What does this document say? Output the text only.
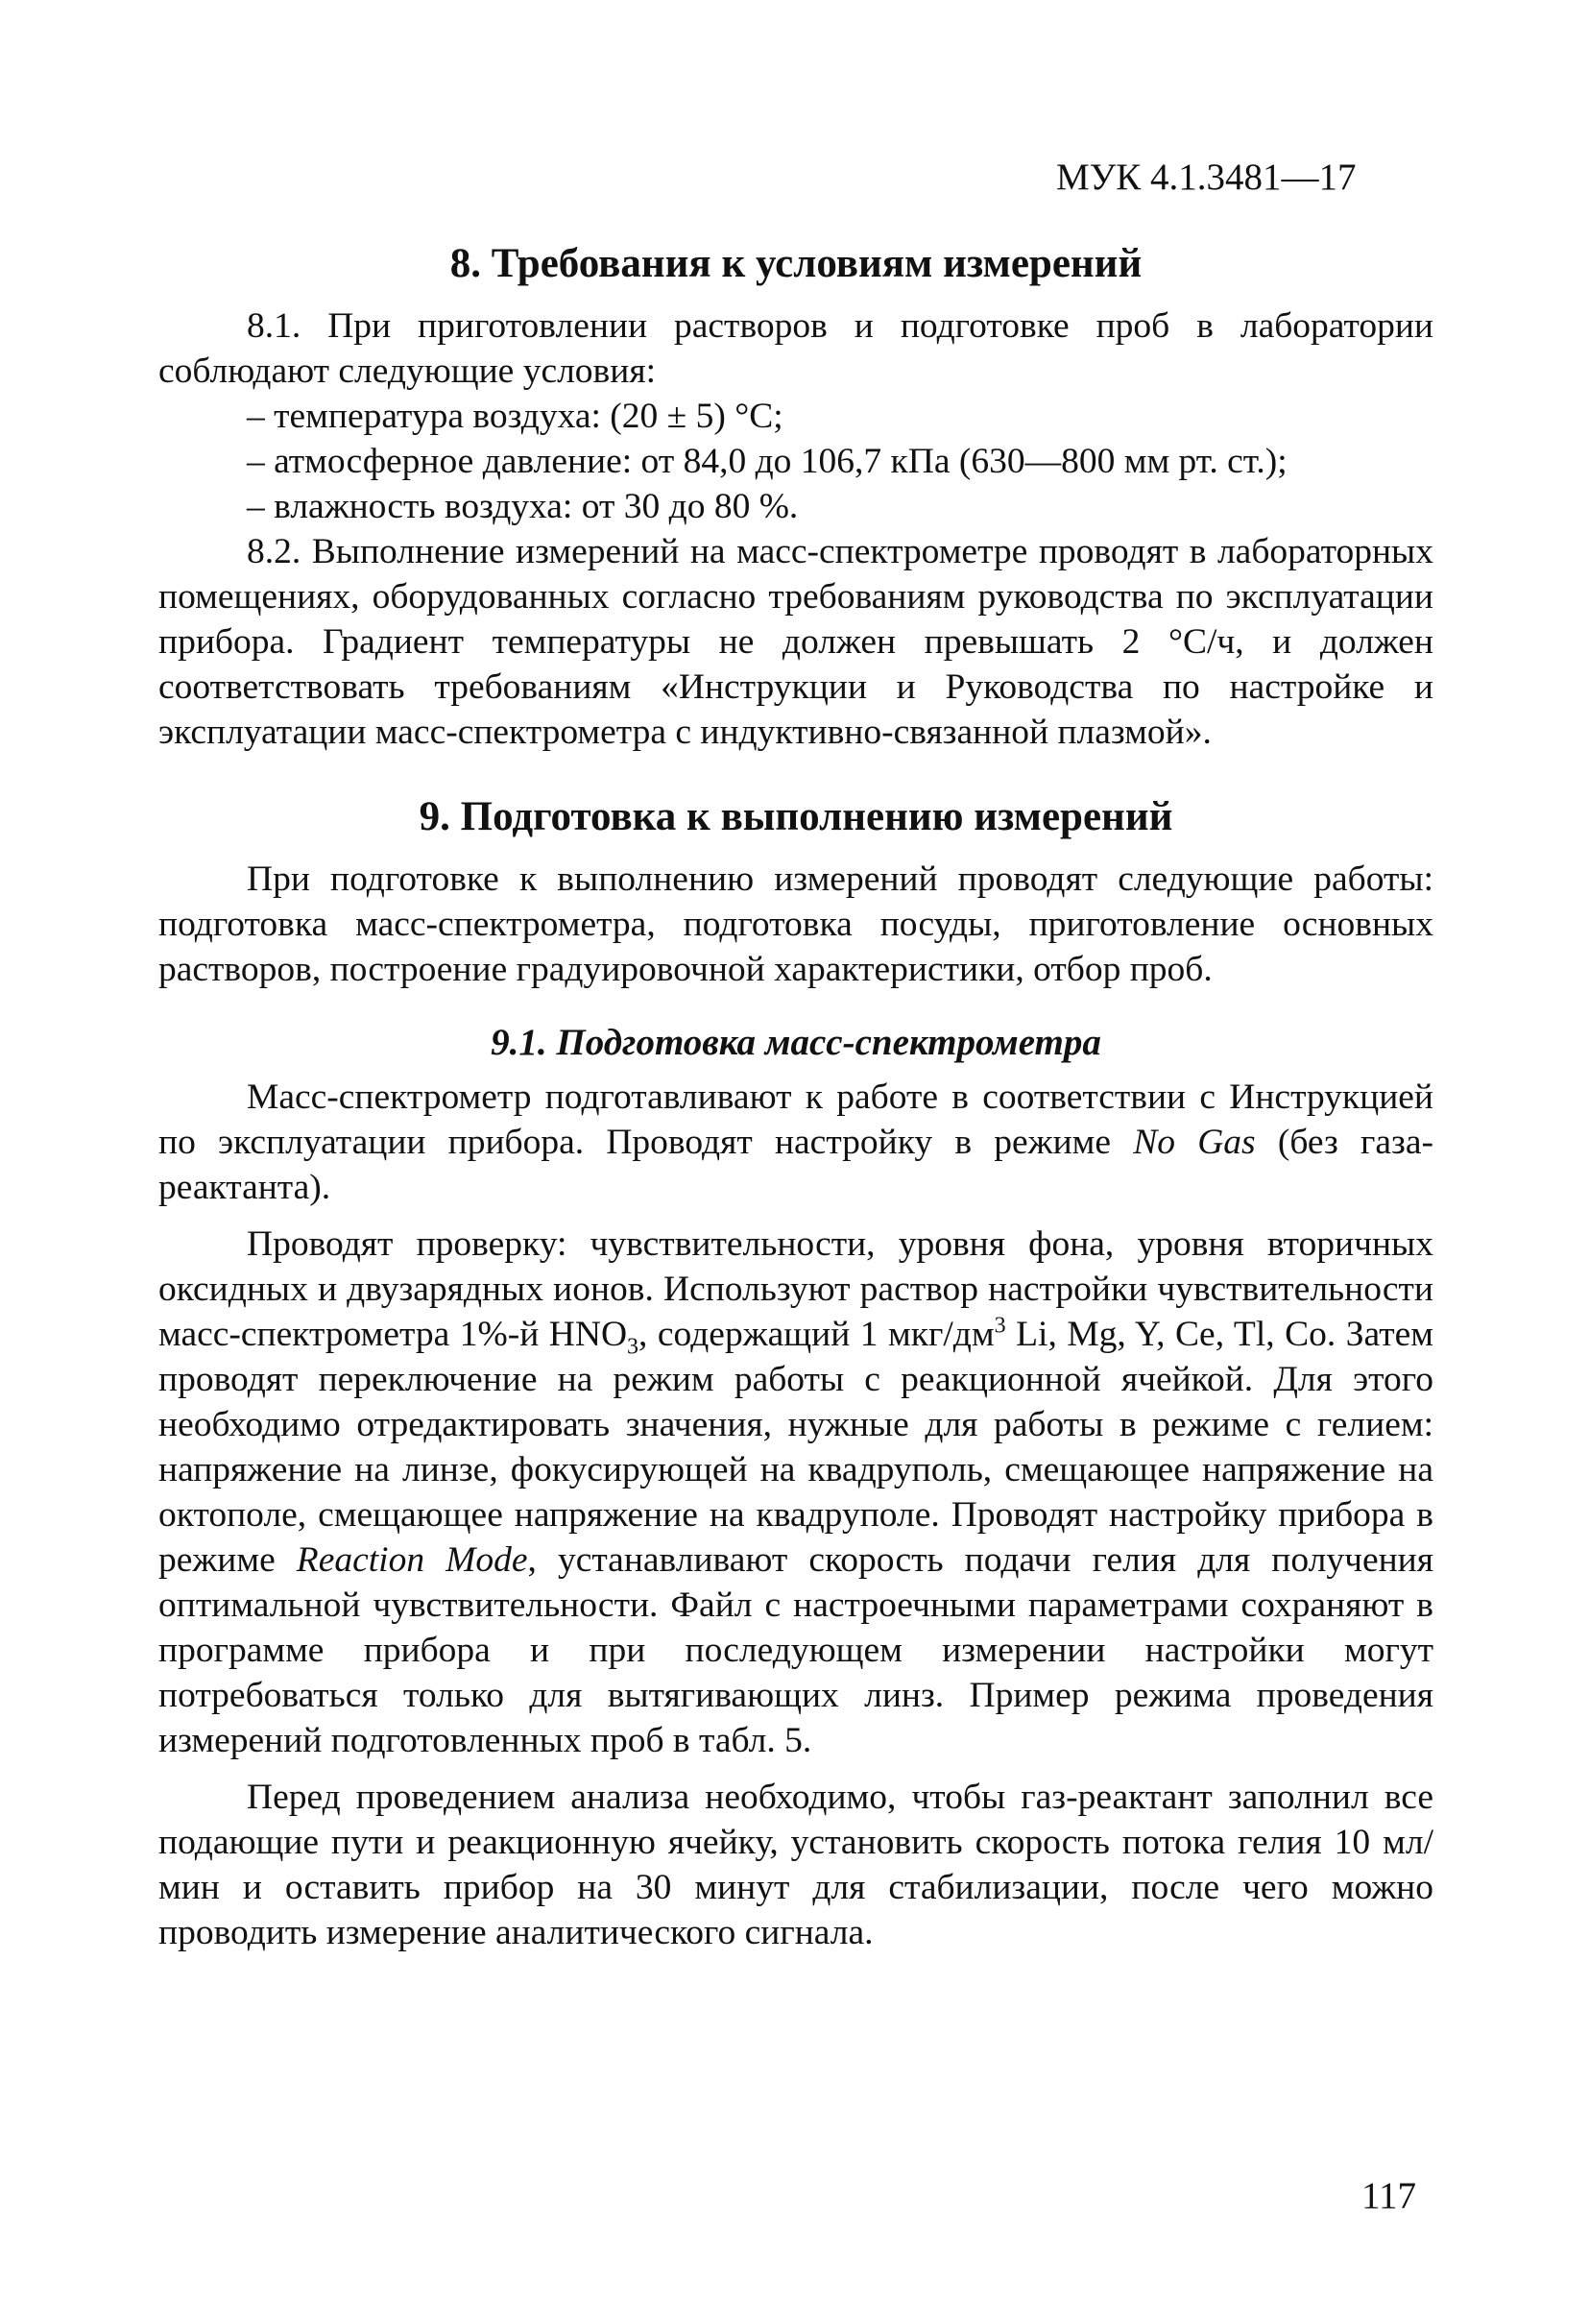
МУК 4.1.3481—17
8. Требования к условиям измерений

8.1. При приготовлении растворов и подготовке проб в лаборатории соблюдают следующие условия:

– температура воздуха: (20 ± 5) °С;

– атмосферное давление: от 84,0 до 106,7 кПа (630—800 мм рт. ст.);

– влажность воздуха: от 30 до 80 %.

8.2. Выполнение измерений на масс-спектрометре проводят в лабораторных помещениях, оборудованных согласно требованиям руководства по эксплуатации прибора. Градиент температуры не должен превышать 2 °С/ч, и должен соответствовать требованиям «Инструкции и Руководства по настройке и эксплуатации масс-спектрометра с индуктивно-связанной плазмой».

9. Подготовка к выполнению измерений

При подготовке к выполнению измерений проводят следующие работы: подготовка масс-спектрометра, подготовка посуды, приготовление основных растворов, построение градуировочной характеристики, отбор проб.

9.1. Подготовка масс-спектрометра

Масс-спектрометр подготавливают к работе в соответствии с Инструкцией по эксплуатации прибора. Проводят настройку в режиме No Gas (без газа-реактанта).

Проводят проверку: чувствительности, уровня фона, уровня вторичных оксидных и двузарядных ионов. Используют раствор настройки чувствительности масс-спектрометра 1%-й $HNO_3$, содержащий 1 мкг/$дм^3$ Li, Mg, Y, Ce, Tl, Co. Затем проводят переключение на режим работы с реакционной ячейкой. Для этого необходимо отредактировать значения, нужные для работы в режиме с гелием: напряжение на линзе, фокусирующей на квадруполь, смещающее напряжение на октополе, смещающее напряжение на квадруполе. Проводят настройку прибора в режиме Reaction Mode, устанавливают скорость подачи гелия для получения оптимальной чувствительности. Файл с настроечными параметрами сохраняют в программе прибора и при последующем измерении настройки могут потребоваться только для вытягивающих линз. Пример режима проведения измерений подготовленных проб в табл. 5.

Перед проведением анализа необходимо, чтобы газ-реактант заполнил все подающие пути и реакционную ячейку, установить скорость потока гелия 10 мл/мин и оставить прибор на 30 минут для стабилизации, после чего можно проводить измерение аналитического сигнала.

117
